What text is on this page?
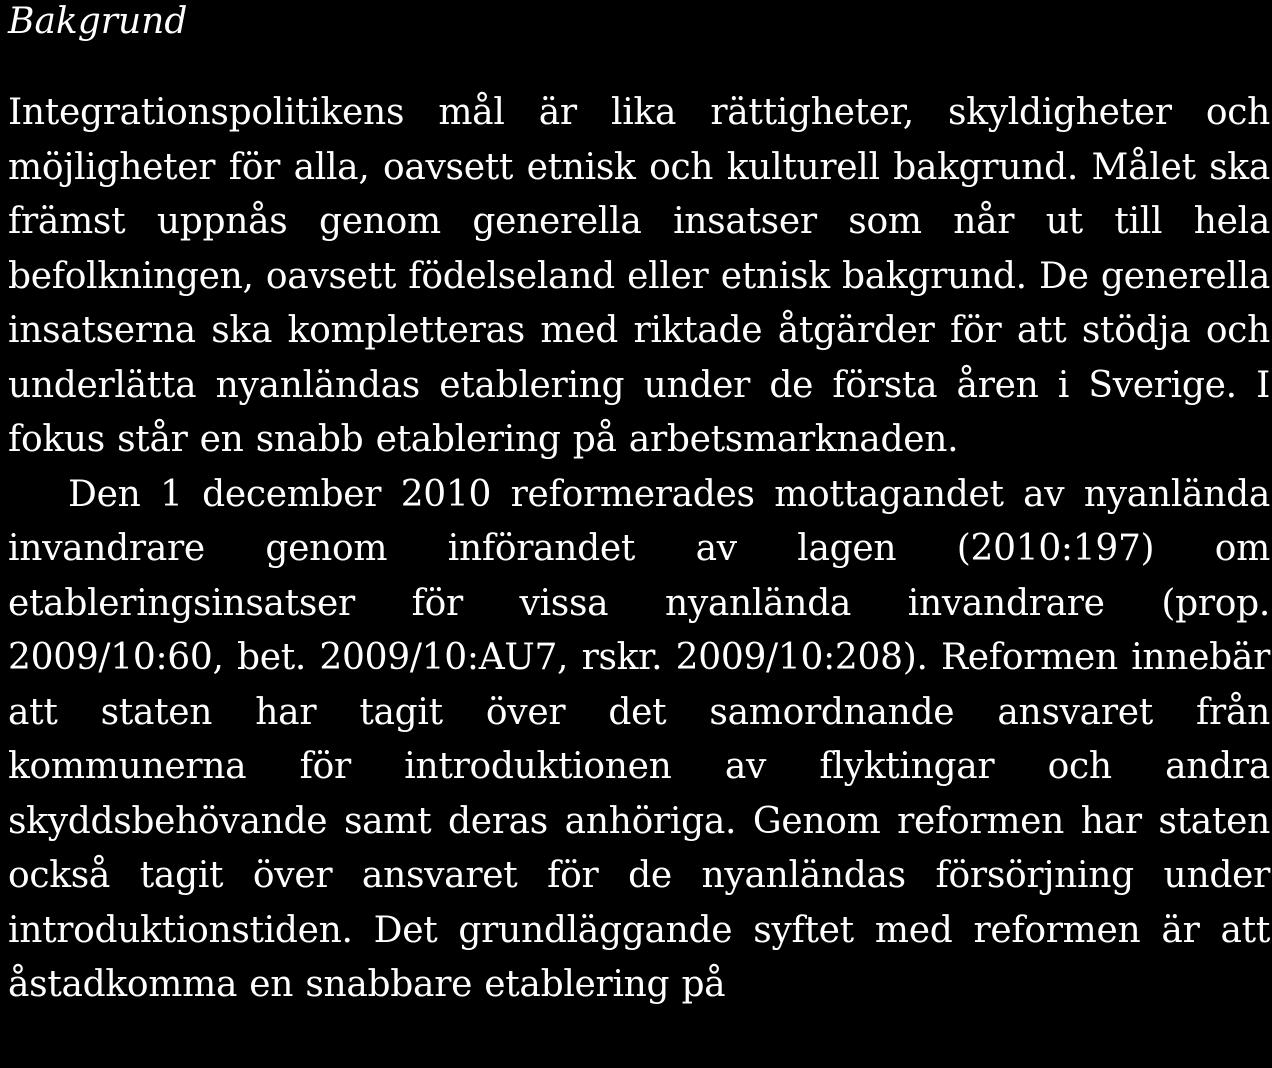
Bakgrund

Integrationspolitikens mål är lika rättigheter, skyldigheter och möjligheter för alla, oavsett etnisk och kulturell bakgrund. Målet ska främst uppnås genom generella insatser som når ut till hela befolkningen, oavsett födelseland eller etnisk bakgrund. De generella insatserna ska kompletteras med riktade åtgärder för att stödja och underlätta nyanländas etablering under de första åren i Sverige. I fokus står en snabb etablering på arbetsmarknaden.

Den 1 december 2010 reformerades mottagandet av nyanlända invandrare genom införandet av lagen (2010:197) om etableringsinsatser för vissa nyanlända invandrare (prop. 2009/10:60, bet. 2009/10:AU7, rskr. 2009/10:208). Reformen innebär att staten har tagit över det samordnande ansvaret från kommunerna för introduktionen av flyktingar och andra skyddsbehövande samt deras anhöriga. Genom reformen har staten också tagit över ansvaret för de nyanländas försörjning under introduktionstiden. Det grundläggande syftet med reformen är att åstadkomma en snabbare etablering på
